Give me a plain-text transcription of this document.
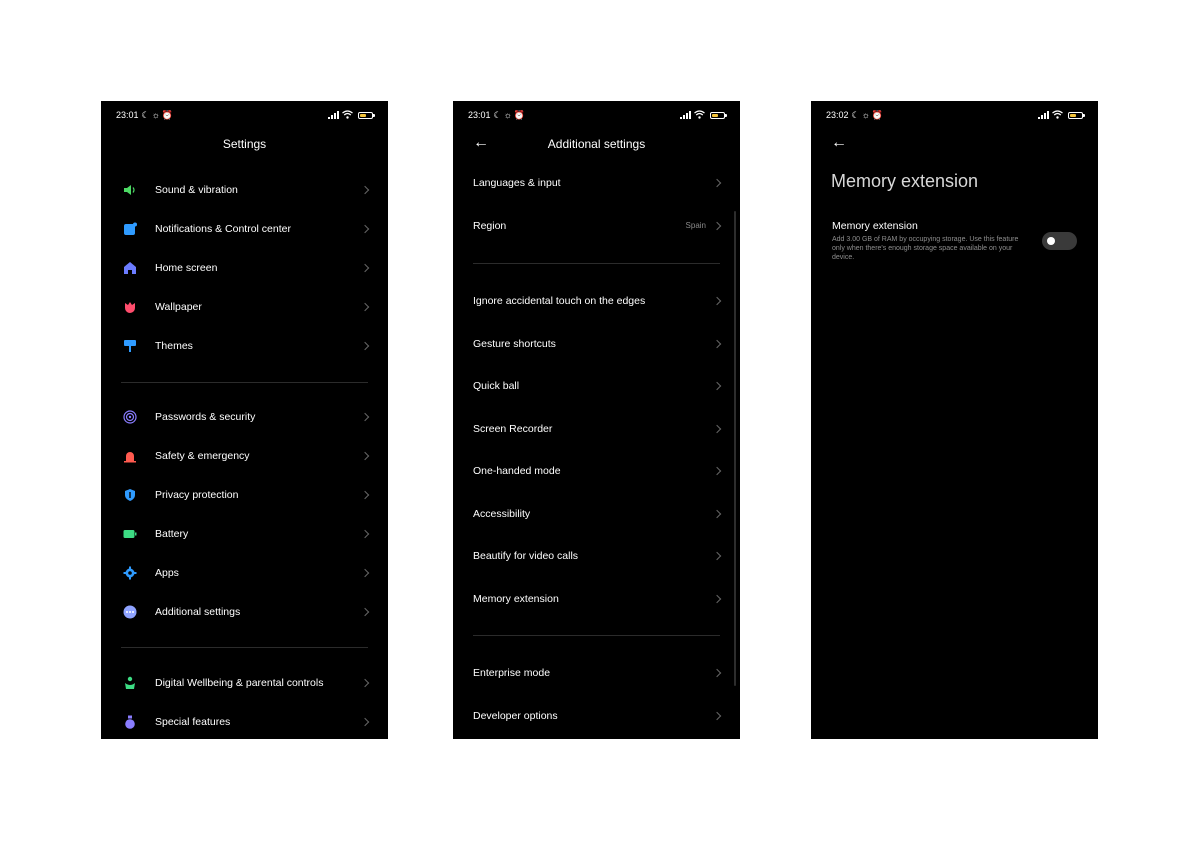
23:01 ☾ ☼ ⏰
Settings
Sound & vibration
Notifications & Control center
Home screen
Wallpaper
Themes
Passwords & security
Safety & emergency
Privacy protection
Battery
Apps
Additional settings
Digital Wellbeing & parental controls
Special features
23:01 ☾ ☼ ⏰
←	Additional settings
Languages & input
Region	Spain
Ignore accidental touch on the edges
Gesture shortcuts
Quick ball
Screen Recorder
One-handed mode
Accessibility
Beautify for video calls
Memory extension
Enterprise mode
Developer options
23:02 ☾ ☼ ⏰
←
Memory extension
Memory extension
Add 3.00 GB of RAM by occupying storage. Use this feature only when there's enough storage space available on your device.
